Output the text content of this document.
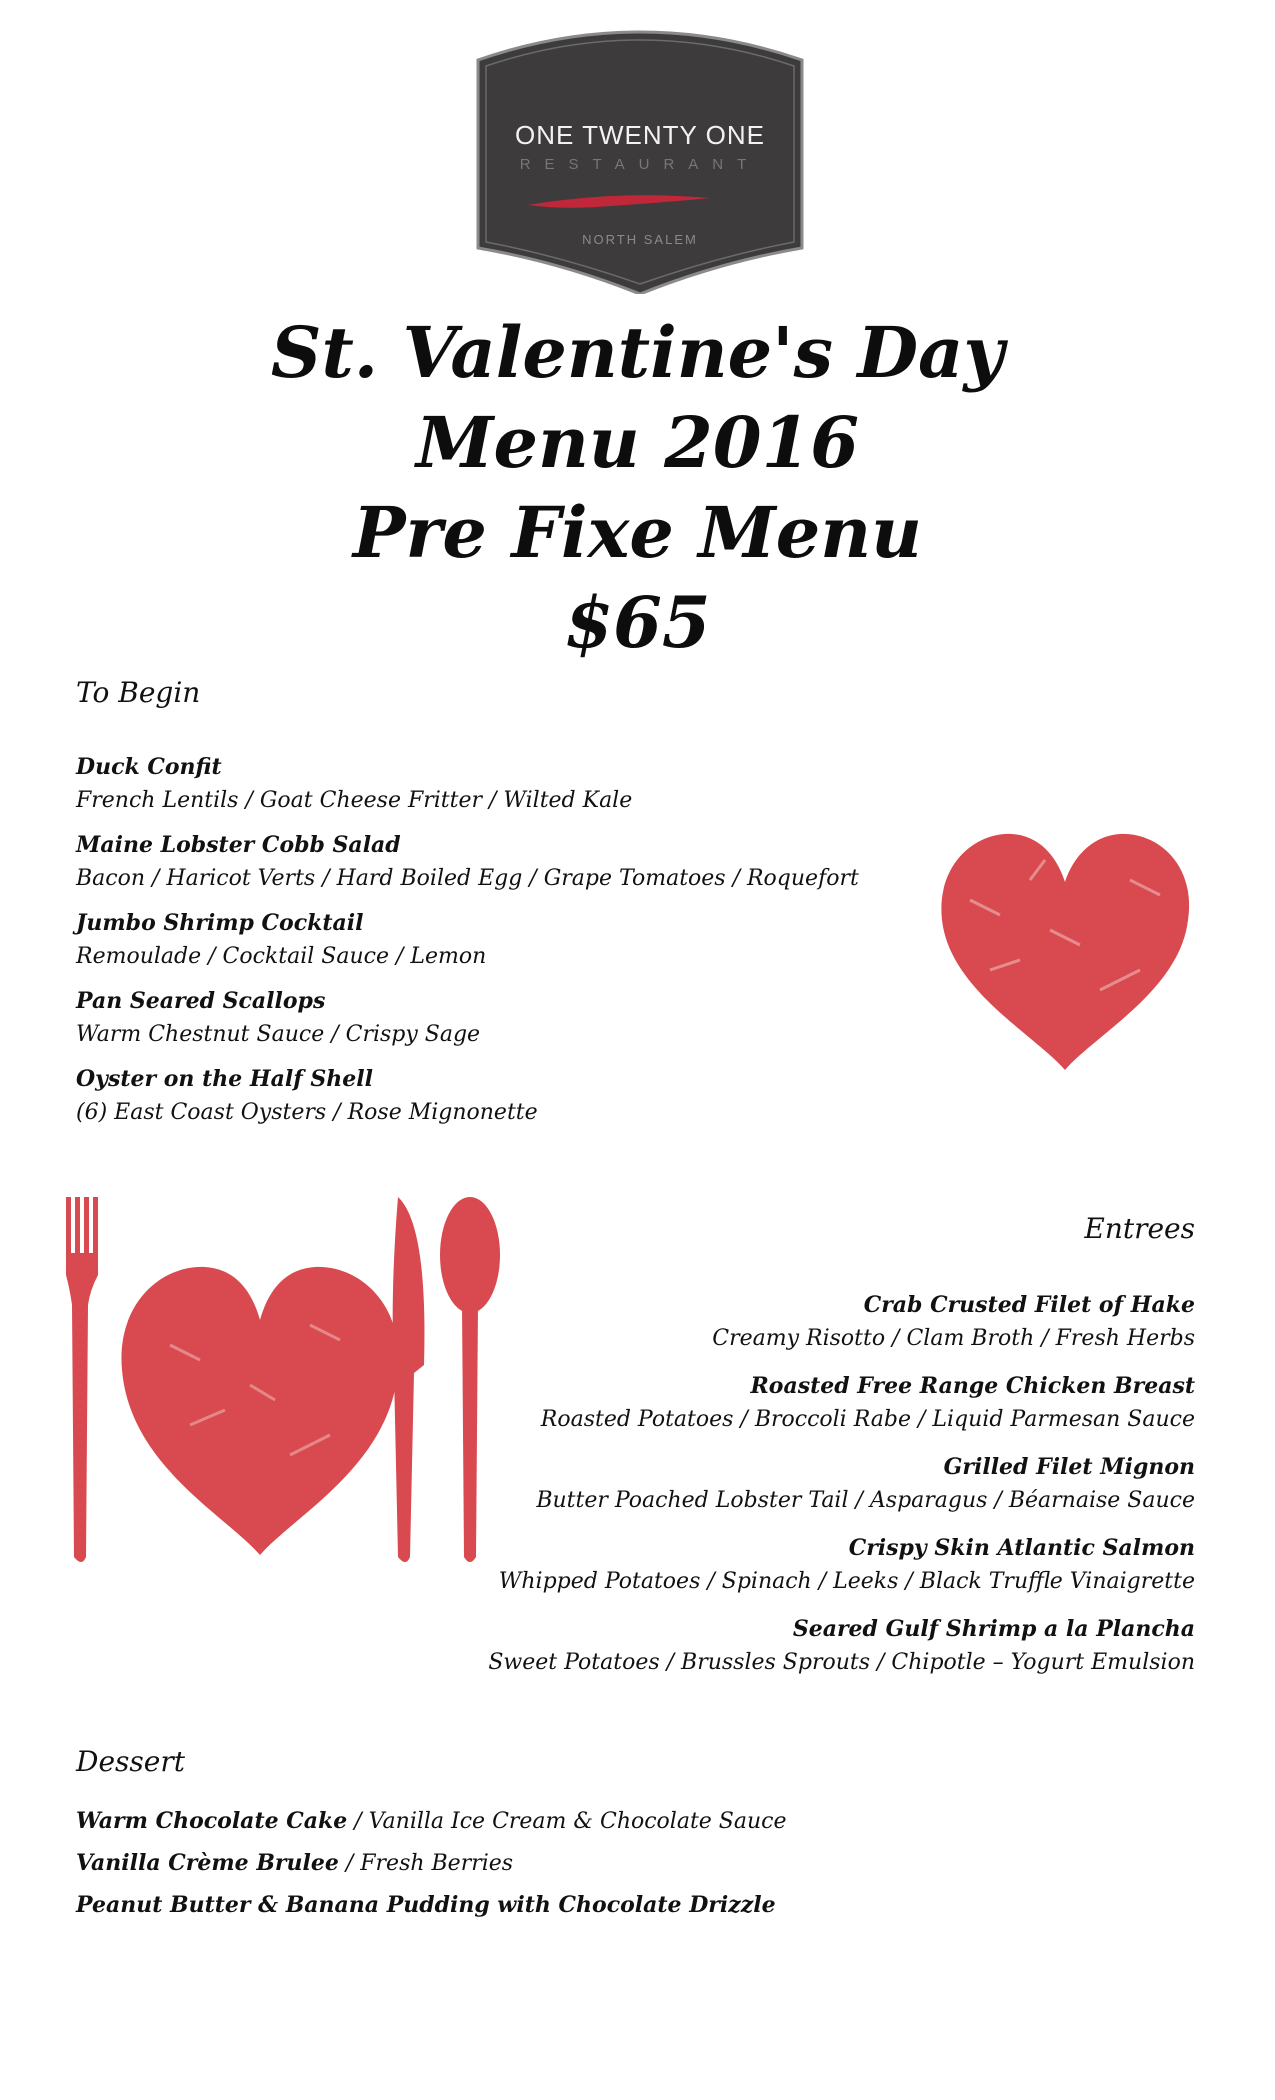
ONE TWENTY ONE
RESTAURANT
NORTH SALEM
St. Valentine's Day
Menu 2016
Pre Fixe Menu
$65
To Begin
Duck Confit
French Lentils / Goat Cheese Fritter / Wilted Kale
Maine Lobster Cobb Salad
Bacon / Haricot Verts / Hard Boiled Egg / Grape Tomatoes / Roquefort
Jumbo Shrimp Cocktail
Remoulade / Cocktail Sauce / Lemon
Pan Seared Scallops
Warm Chestnut Sauce / Crispy Sage
Oyster on the Half Shell
(6) East Coast Oysters / Rose Mignonette
Entrees
Crab Crusted Filet of Hake
Creamy Risotto / Clam Broth / Fresh Herbs
Roasted Free Range Chicken Breast
Roasted Potatoes / Broccoli Rabe / Liquid Parmesan Sauce
Grilled Filet Mignon
Butter Poached Lobster Tail / Asparagus / Béarnaise Sauce
Crispy Skin Atlantic Salmon
Whipped Potatoes / Spinach / Leeks / Black Truffle Vinaigrette
Seared Gulf Shrimp a la Plancha
Sweet Potatoes / Brussles Sprouts / Chipotle – Yogurt Emulsion
Dessert
Warm Chocolate Cake / Vanilla Ice Cream & Chocolate Sauce
Vanilla Crème Brulee / Fresh Berries
Peanut Butter & Banana Pudding with Chocolate Drizzle
